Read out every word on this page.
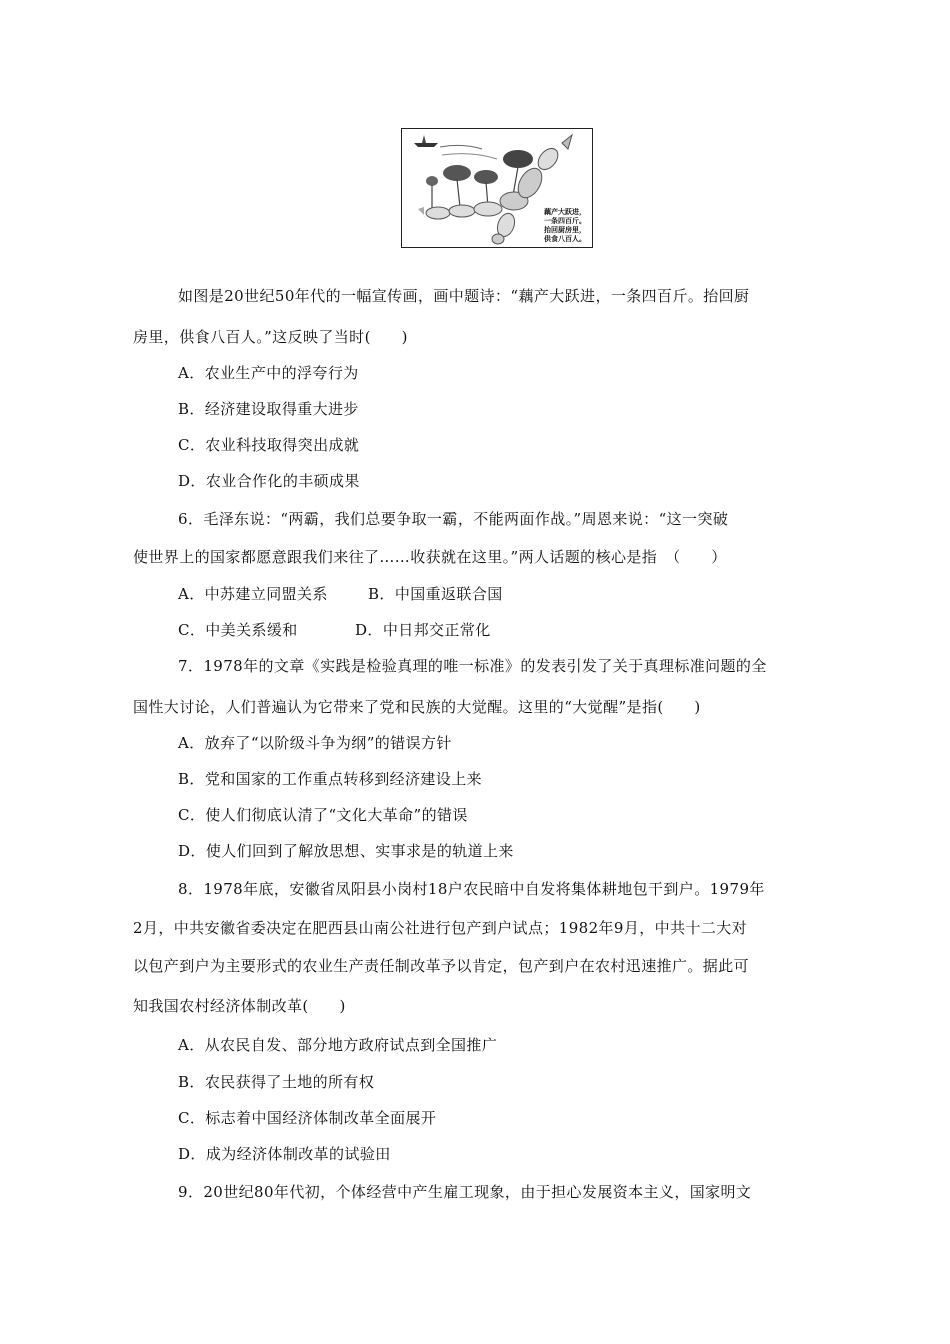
藕产大跃进，
一条四百斤。
抬回厨房里，
供食八百人。
如图是20世纪50年代的一幅宣传画，画中题诗：“藕产大跃进，一条四百斤。抬回厨
房里，供食八百人。”这反映了当时(　　)
A．农业生产中的浮夸行为
B．经济建设取得重大进步
C．农业科技取得突出成就
D．农业合作化的丰硕成果
6．毛泽东说：“两霸，我们总要争取一霸，不能两面作战。”周恩来说：“这一突破
使世界上的国家都愿意跟我们来往了……收获就在这里。”两人话题的核心是指　（　　）
A．中苏建立同盟关系	B．中国重返联合国
C．中美关系缓和	D．中日邦交正常化
7．1978年的文章《实践是检验真理的唯一标准》的发表引发了关于真理标准问题的全
国性大讨论，人们普遍认为它带来了党和民族的大觉醒。这里的“大觉醒”是指(　　)
A．放弃了“以阶级斗争为纲”的错误方针
B．党和国家的工作重点转移到经济建设上来
C．使人们彻底认清了“文化大革命”的错误
D．使人们回到了解放思想、实事求是的轨道上来
8．1978年底，安徽省凤阳县小岗村18户农民暗中自发将集体耕地包干到户。1979年
2月，中共安徽省委决定在肥西县山南公社进行包产到户试点；1982年9月，中共十二大对
以包产到户为主要形式的农业生产责任制改革予以肯定，包产到户在农村迅速推广。据此可
知我国农村经济体制改革(　　)
A．从农民自发、部分地方政府试点到全国推广
B．农民获得了土地的所有权
C．标志着中国经济体制改革全面展开
D．成为经济体制改革的试验田
9．20世纪80年代初，个体经营中产生雇工现象，由于担心发展资本主义，国家明文
